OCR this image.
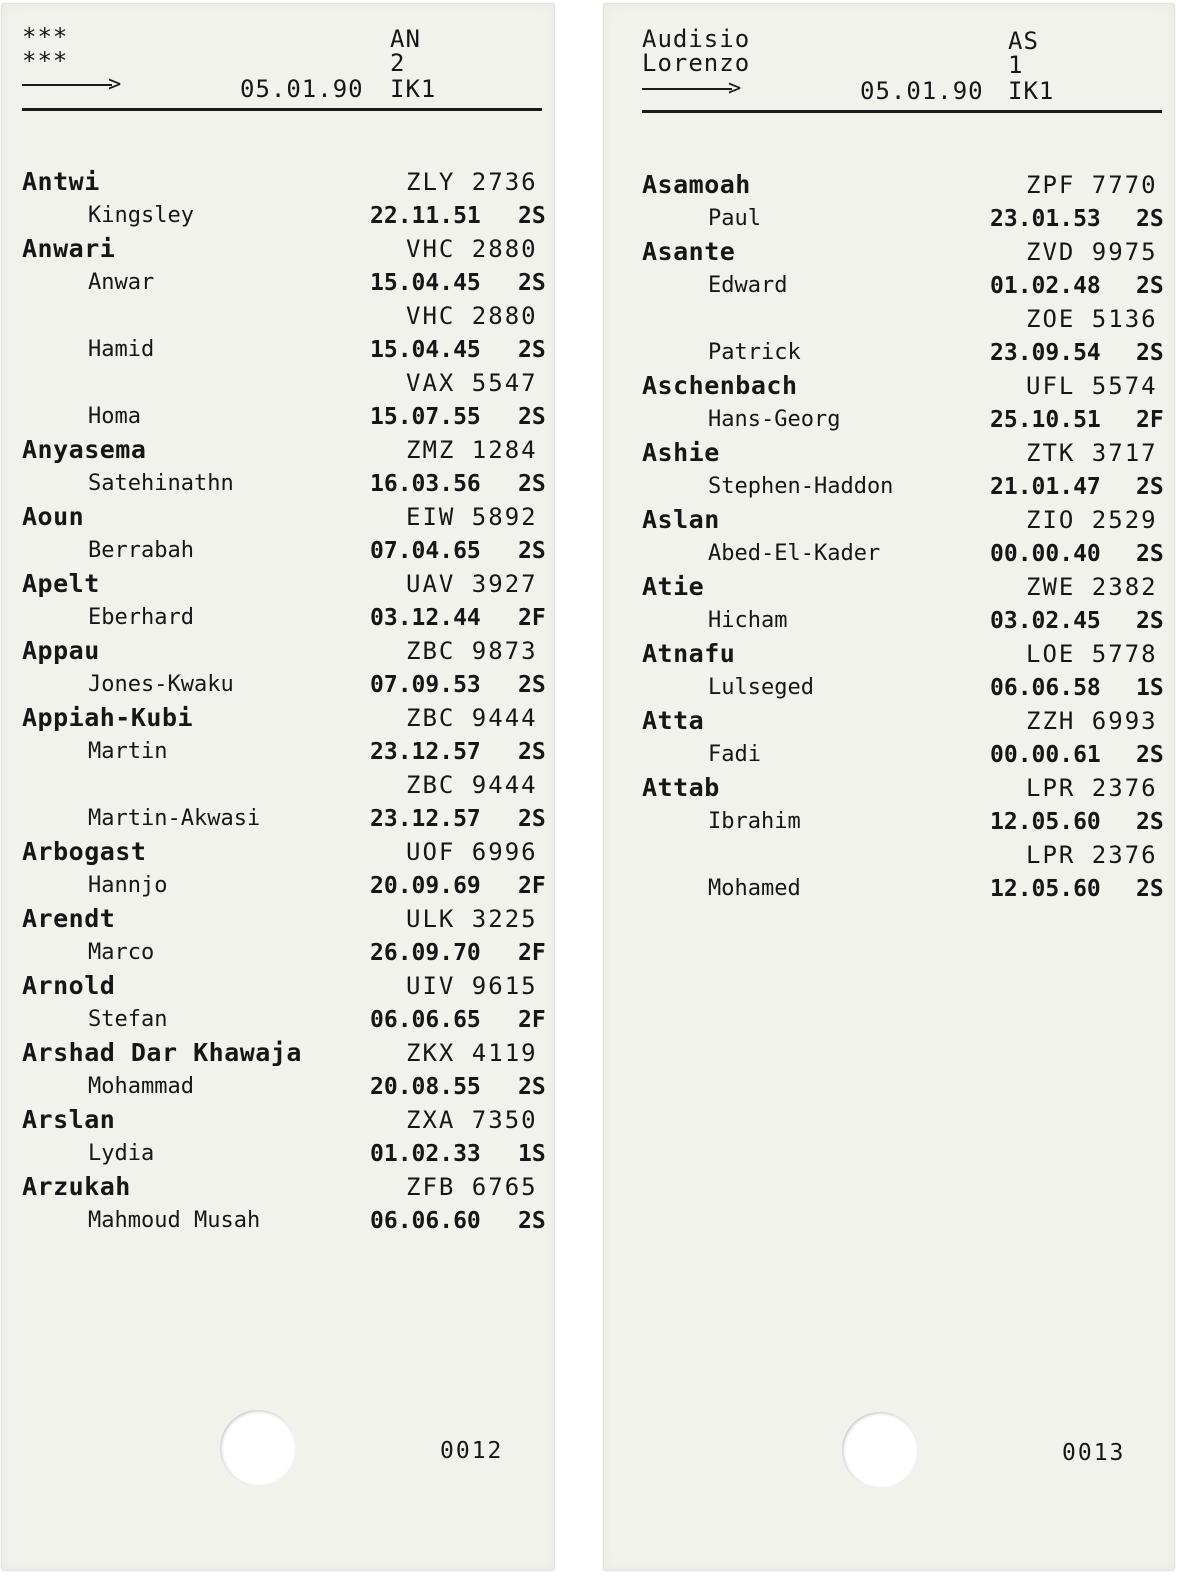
***
***
AN
2
>	05.01.90 IK1
Antwi	ZLY 2736
Kingsley	22.11.51 2S
Anwari	VHC 2880
Anwar	15.04.45 2S
VHC 2880
Hamid	15.04.45 2S
VAX 5547
Homa	15.07.55 2S
Anyasema	ZMZ 1284
Satehinathn	16.03.56 2S
Aoun	EIW 5892
Berrabah	07.04.65 2S
Apelt	UAV 3927
Eberhard	03.12.44 2F
Appau	ZBC 9873
Jones-Kwaku	07.09.53 2S
Appiah-Kubi	ZBC 9444
Martin	23.12.57 2S
ZBC 9444
Martin-Akwasi	23.12.57 2S
Arbogast	UOF 6996
Hannjo	20.09.69 2F
Arendt	ULK 3225
Marco	26.09.70 2F
Arnold	UIV 9615
Stefan	06.06.65 2F
Arshad Dar Khawaja	ZKX 4119
Mohammad	20.08.55 2S
Arslan	ZXA 7350
Lydia	01.02.33 1S
Arzukah	ZFB 6765
Mahmoud Musah	06.06.60 2S
0012
Audisio
Lorenzo
AS
1
>	05.01.90 IK1
Asamoah	ZPF 7770
Paul	23.01.53 2S
Asante	ZVD 9975
Edward	01.02.48 2S
ZOE 5136
Patrick	23.09.54 2S
Aschenbach	UFL 5574
Hans-Georg	25.10.51 2F
Ashie	ZTK 3717
Stephen-Haddon	21.01.47 2S
Aslan	ZIO 2529
Abed-El-Kader	00.00.40 2S
Atie	ZWE 2382
Hicham	03.02.45 2S
Atnafu	LOE 5778
Lulseged	06.06.58 1S
Atta	ZZH 6993
Fadi	00.00.61 2S
Attab	LPR 2376
Ibrahim	12.05.60 2S
LPR 2376
Mohamed	12.05.60 2S
0013
